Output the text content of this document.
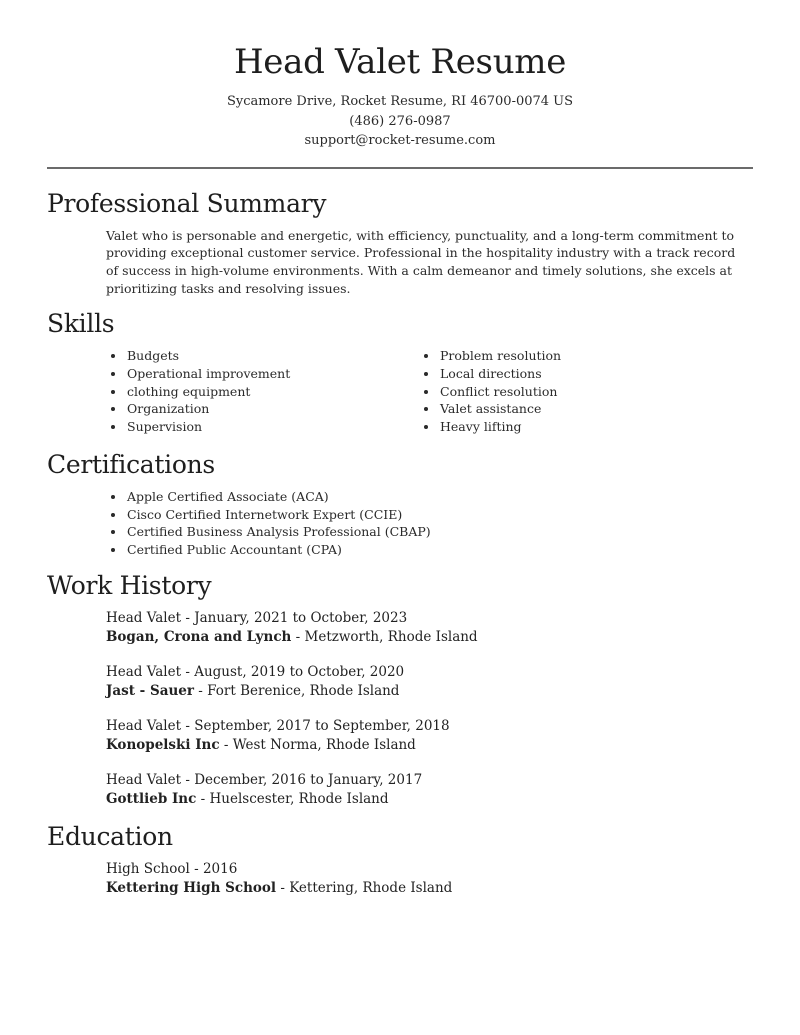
Head Valet Resume
Sycamore Drive, Rocket Resume, RI 46700-0074 US
(486) 276-0987
support@rocket-resume.com
Professional Summary

Valet who is personable and energetic, with efficiency, punctuality, and a long-term commitment to providing exceptional customer service. Professional in the hospitality industry with a track record of success in high-volume environments. With a calm demeanor and timely solutions, she excels at prioritizing tasks and resolving issues.

Skills
Budgets
Operational improvement
clothing equipment
Organization
Supervision
Problem resolution
Local directions
Conflict resolution
Valet assistance
Heavy lifting
Certifications
Apple Certified Associate (ACA)
Cisco Certified Internetwork Expert (CCIE)
Certified Business Analysis Professional (CBAP)
Certified Public Accountant (CPA)
Work History
Head Valet - January, 2021 to October, 2023
Bogan, Crona and Lynch - Metzworth, Rhode Island
Head Valet - August, 2019 to October, 2020
Jast - Sauer - Fort Berenice, Rhode Island
Head Valet - September, 2017 to September, 2018
Konopelski Inc - West Norma, Rhode Island
Head Valet - December, 2016 to January, 2017
Gottlieb Inc - Huelscester, Rhode Island
Education
High School - 2016
Kettering High School - Kettering, Rhode Island
